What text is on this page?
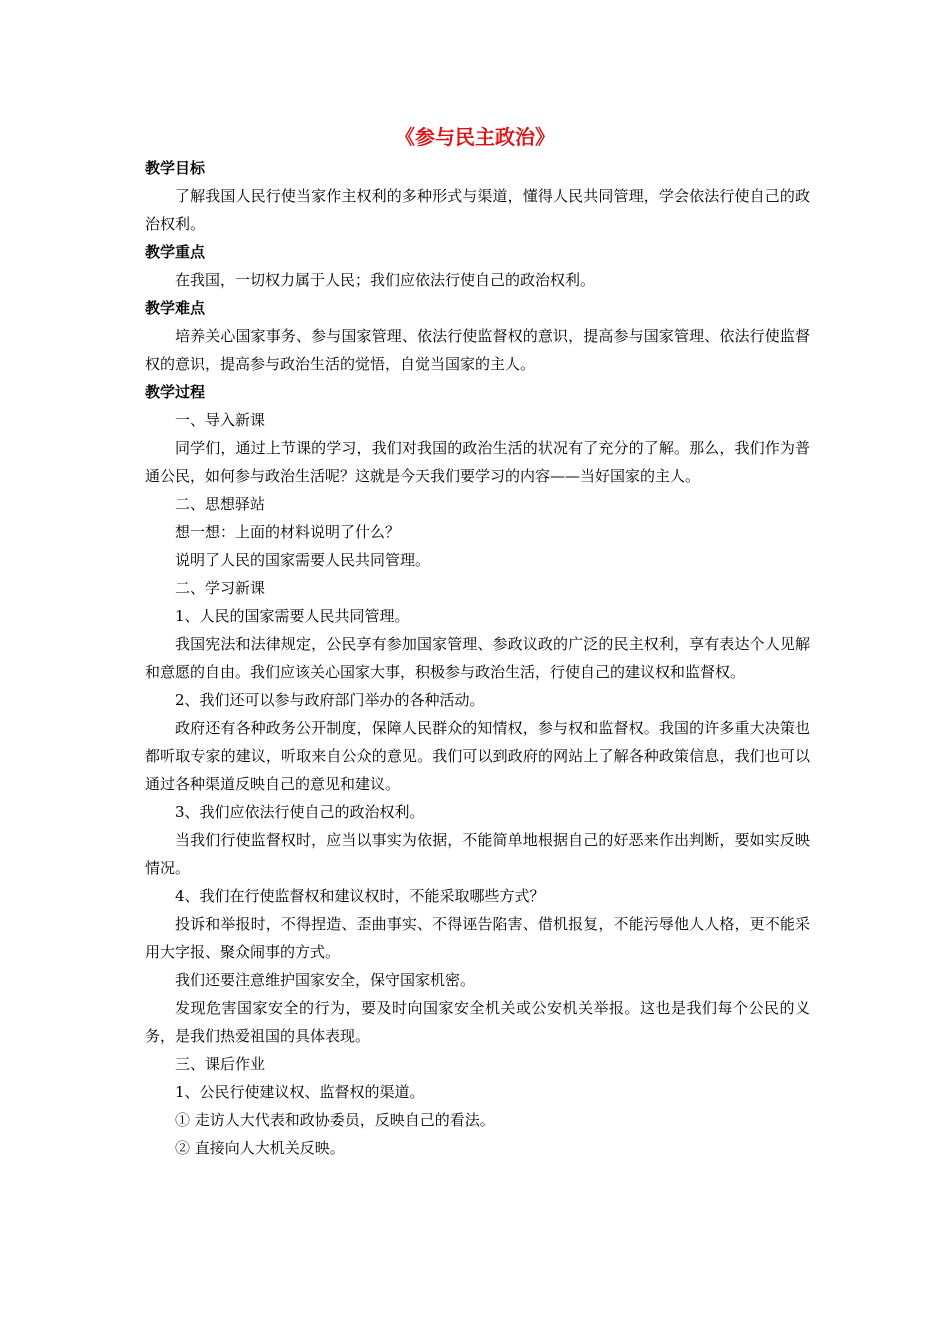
《参与民主政治》

教学目标

了解我国人民行使当家作主权利的多种形式与渠道，懂得人民共同管理，学会依法行使自己的政治权利。

教学重点

在我国，一切权力属于人民；我们应依法行使自己的政治权利。

教学难点

培养关心国家事务、参与国家管理、依法行使监督权的意识，提高参与国家管理、依法行使监督权的意识，提高参与政治生活的觉悟，自觉当国家的主人。

教学过程

一、导入新课

同学们，通过上节课的学习，我们对我国的政治生活的状况有了充分的了解。那么，我们作为普通公民，如何参与政治生活呢？这就是今天我们要学习的内容——当好国家的主人。

二、思想驿站

想一想：上面的材料说明了什么？

说明了人民的国家需要人民共同管理。

二、学习新课

1、人民的国家需要人民共同管理。

我国宪法和法律规定，公民享有参加国家管理、参政议政的广泛的民主权利，享有表达个人见解和意愿的自由。我们应该关心国家大事，积极参与政治生活，行使自己的建议权和监督权。

2、我们还可以参与政府部门举办的各种活动。

政府还有各种政务公开制度，保障人民群众的知情权，参与权和监督权。我国的许多重大决策也都听取专家的建议，听取来自公众的意见。我们可以到政府的网站上了解各种政策信息，我们也可以通过各种渠道反映自己的意见和建议。

3、我们应依法行使自己的政治权利。

当我们行使监督权时，应当以事实为依据，不能简单地根据自己的好恶来作出判断，要如实反映情况。

4、我们在行使监督权和建议权时，不能采取哪些方式？

投诉和举报时，不得捏造、歪曲事实、不得诬告陷害、借机报复，不能污辱他人人格，更不能采用大字报、聚众闹事的方式。

我们还要注意维护国家安全，保守国家机密。

发现危害国家安全的行为，要及时向国家安全机关或公安机关举报。这也是我们每个公民的义务，是我们热爱祖国的具体表现。

三、课后作业

1、公民行使建议权、监督权的渠道。

① 走访人大代表和政协委员，反映自己的看法。

② 直接向人大机关反映。
